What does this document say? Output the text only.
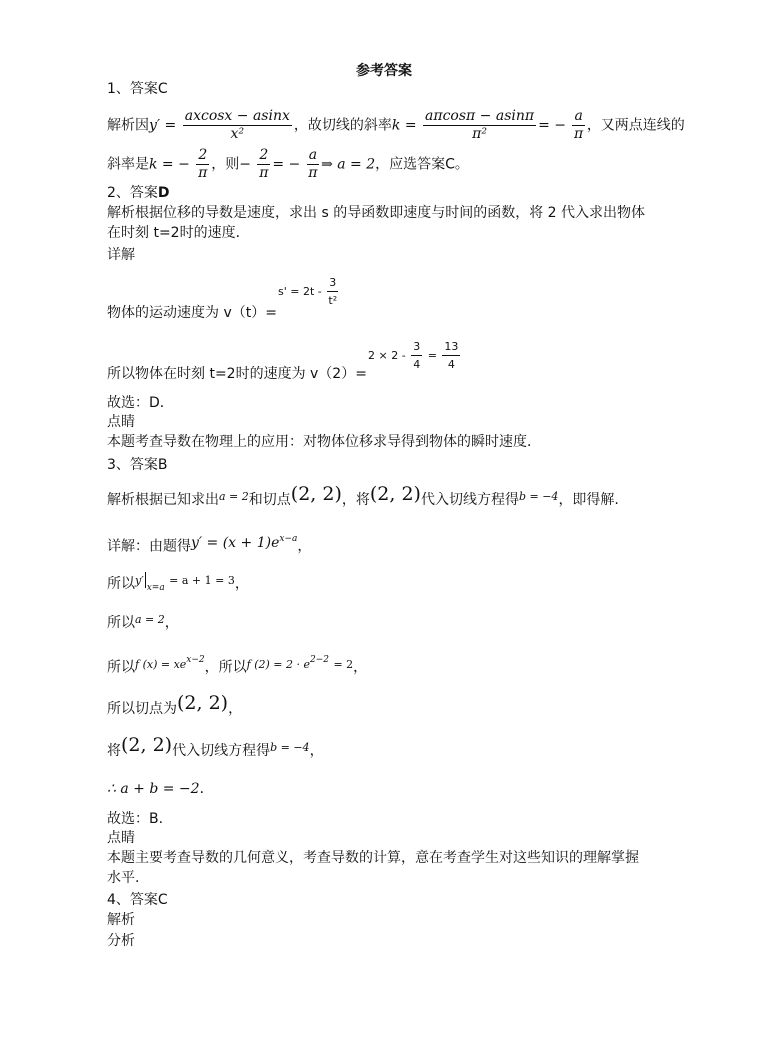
参考答案
1、答案C
解析因$y' = \frac{axcosx - asinx}{\text{x²}}$ ，故切线的斜率$k = \frac{a\pi\cos\pi - asin\pi}{\text{π²}}$ = − $\frac{a}{\pi}$ ，又两点连线的
斜率是k = − $\frac{2}{\pi}$ ，则− $\frac{2}{\pi}$ = − $\frac{a}{\pi}$ ⇒ a = 2，应选答案C。
2、答案D
解析根据位移的导数是速度，求出 s 的导函数即速度与时间的函数，将 2 代入求出物体
在时刻 t=2时的速度．
详解
$s' = 2t - \frac{3}{\text{t²}}$
物体的运动速度为 v（t）=
$2 \times 2 - \frac{3}{4} = \frac{13}{4}$
所以物体在时刻 t=2时的速度为 v（2）=
故选：D．
点睛
本题考查导数在物理上的应用：对物体位移求导得到物体的瞬时速度．
3、答案B
解析根据已知求出$^{a = 2}$和切点(2, 2)，将(2, 2)代入切线方程得$^{b = -4}$，即得解.
详解：由题得$y' = (x + 1)e^{x-a}$，
所以$^{y'}_{x=a}$ $^{= a + 1 = 3}$，
所以$^{a = 2}$，
所以$^{f (x) = xex-2}$，所以$^{f (2) = 2 \cdot e2-2}$ $^{= 2}$，
所以切点为(2, 2)，
将(2, 2)代入切线方程得$^{b = -4}$，
∴ a + b = −2．
故选：B.
点睛
本题主要考查导数的几何意义，考查导数的计算，意在考查学生对这些知识的理解掌握
水平.
4、答案C
解析
分析
